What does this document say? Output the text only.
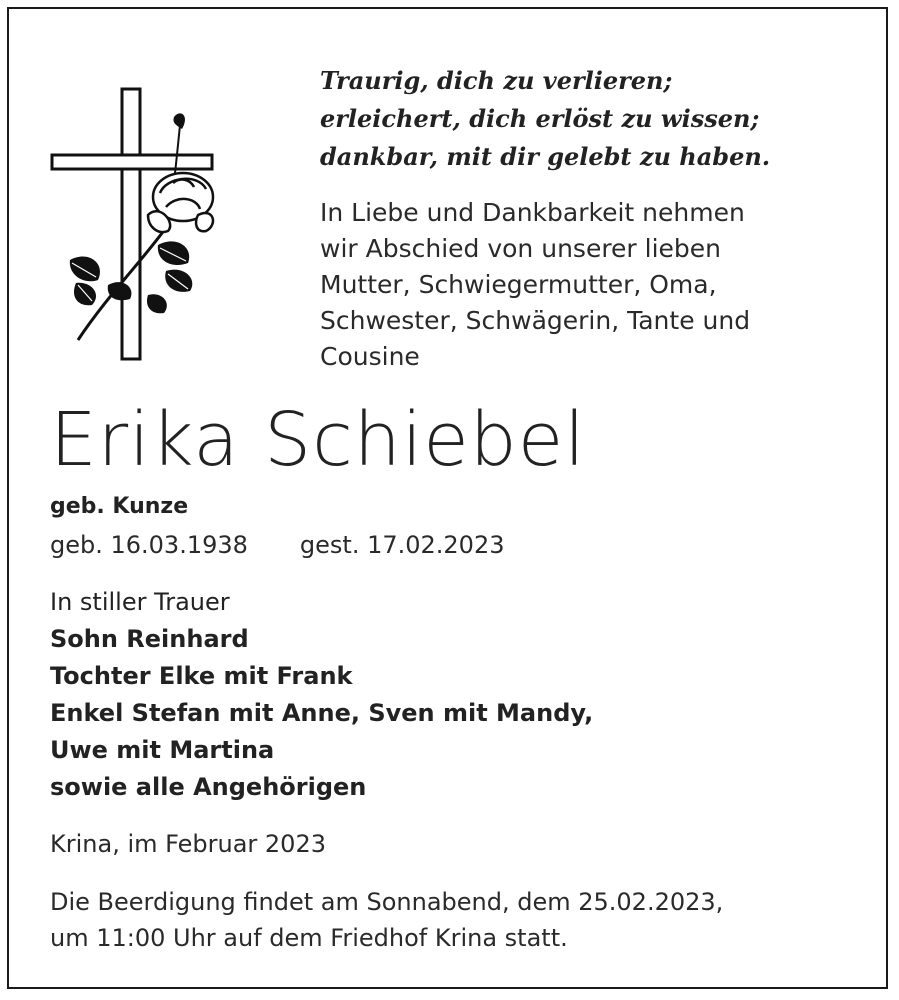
Traurig, dich zu verlieren;
erleichert, dich erlöst zu wissen;
dankbar, mit dir gelebt zu haben.
In Liebe und Dankbarkeit nehmen
wir Abschied von unserer lieben
Mutter, Schwiegermutter, Oma,
Schwester, Schwägerin, Tante und
Cousine
Erika Schiebel
geb. Kunze
geb. 16.03.1938 gest. 17.02.2023
In stiller Trauer
Sohn Reinhard
Tochter Elke mit Frank
Enkel Stefan mit Anne, Sven mit Mandy,
Uwe mit Martina
sowie alle Angehörigen
Krina, im Februar 2023
Die Beerdigung findet am Sonnabend, dem 25.02.2023,
um 11:00 Uhr auf dem Friedhof Krina statt.
